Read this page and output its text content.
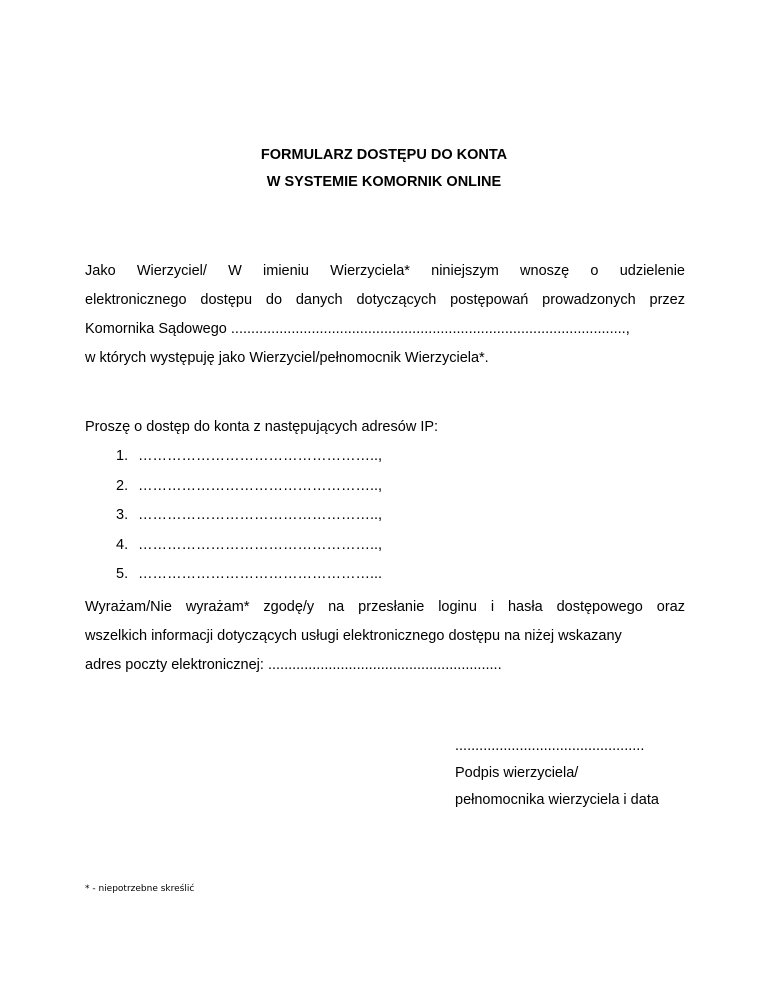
FORMULARZ DOSTĘPU DO KONTA
W SYSTEMIE KOMORNIK ONLINE
Jako Wierzyciel/ W imieniu Wierzyciela* niniejszym wnoszę o udzielenie
elektronicznego dostępu do danych dotyczących postępowań prowadzonych przez
Komornika Sądowego ..................................................................................................,
w których występuję jako Wierzyciel/pełnomocnik Wierzyciela*.
Proszę o dostęp do konta z następujących adresów IP:
1. …………………………………………..,
2. …………………………………………..,
3. …………………………………………..,
4. …………………………………………..,
5. …………………………………………...
Wyrażam/Nie wyrażam* zgodę/y na przesłanie loginu i hasła dostępowego oraz
wszelkich informacji dotyczących usługi elektronicznego dostępu na niżej wskazany
adres poczty elektronicznej: ..........................................................
...............................................
Podpis wierzyciela/
pełnomocnika wierzyciela i data
* - niepotrzebne skreślić
